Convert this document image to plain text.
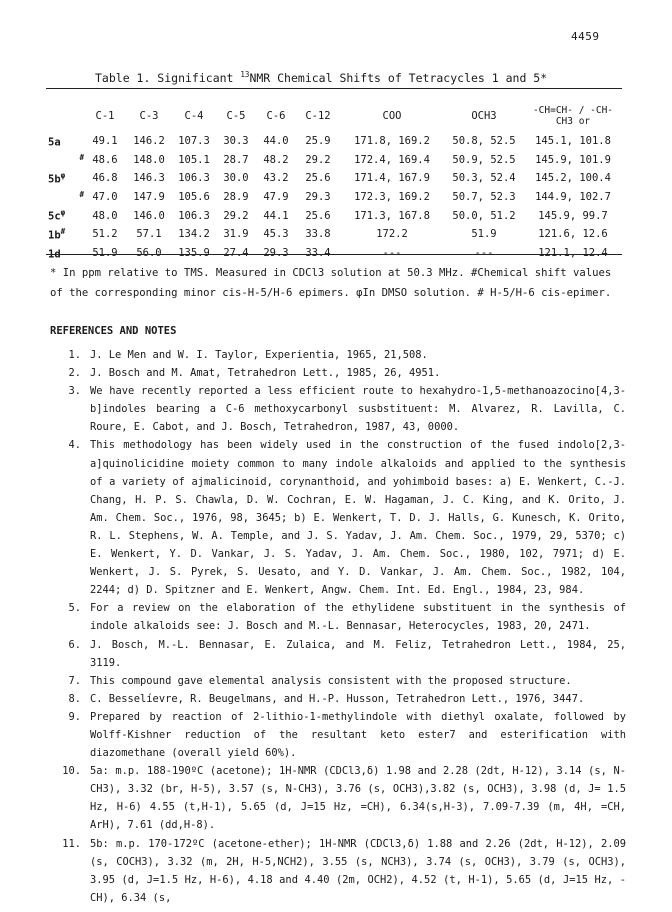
4459
Table 1. Significant $^{13}$NMR Chemical Shifts of Tetracycles 1 and 5*
	C-1	C-3	C-4	C-5	C-6	C-12	COO	OCH3	-CH=CH- / -CH-CH3 or
5a	49.1	146.2	107.3	30.3	44.0	25.9	171.8, 169.2	50.8, 52.5	145.1, 101.8
#	48.6	148.0	105.1	28.7	48.2	29.2	172.4, 169.4	50.9, 52.5	145.9, 101.9
$5b^\varphi$	46.8	146.3	106.3	30.0	43.2	25.6	171.4, 167.9	50.3, 52.4	145.2, 100.4
#	47.0	147.9	105.6	28.9	47.9	29.3	172.3, 169.2	50.7, 52.3	144.9, 102.7
$5c^\varphi$	48.0	146.0	106.3	29.2	44.1	25.6	171.3, 167.8	50.0, 51.2	145.9, 99.7
1b#	51.2	57.1	134.2	31.9	45.3	33.8	172.2	51.9	121.6, 12.6
1d	51.9	56.0	135.9	27.4	29.3	33.4	---	---	121.1, 12.4
* In ppm relative to TMS. Measured in CDCl3 solution at 50.3 MHz. #Chemical shift values of the corresponding minor cis-H-5/H-6 epimers. φIn DMSO solution. # H-5/H-6 cis-epimer.
REFERENCES AND NOTES
1. J. Le Men and W. I. Taylor, Experientia, 1965, 21,508.
2. J. Bosch and M. Amat, Tetrahedron Lett., 1985, 26, 4951.
3. We have recently reported a less efficient route to hexahydro-1,5-methanoazocino[4,3-b]indoles bearing a C-6 methoxycarbonyl susbstituent: M. Alvarez, R. Lavilla, C. Roure, E. Cabot, and J. Bosch, Tetrahedron, 1987, 43, 0000.
4. This methodology has been widely used in the construction of the fused indolo[2,3-a]quinolicidine moiety common to many indole alkaloids and applied to the synthesis of a variety of ajmalicinoid, corynanthoid, and yohimboid bases: a) E. Wenkert, C.-J. Chang, H. P. S. Chawla, D. W. Cochran, E. W. Hagaman, J. C. King, and K. Orito, J. Am. Chem. Soc., 1976, 98, 3645; b) E. Wenkert, T. D. J. Halls, G. Kunesch, K. Orito, R. L. Stephens, W. A. Temple, and J. S. Yadav, J. Am. Chem. Soc., 1979, 29, 5370; c) E. Wenkert, Y. D. Vankar, J. S. Yadav, J. Am. Chem. Soc., 1980, 102, 7971; d) E. Wenkert, J. S. Pyrek, S. Uesato, and Y. D. Vankar, J. Am. Chem. Soc., 1982, 104, 2244; d) D. Spitzner and E. Wenkert, Angw. Chem. Int. Ed. Engl., 1984, 23, 984.
5. For a review on the elaboration of the ethylidene substituent in the synthesis of indole alkaloids see: J. Bosch and M.-L. Bennasar, Heterocycles, 1983, 20, 2471.
6. J. Bosch, M.-L. Bennasar, E. Zulaica, and M. Feliz, Tetrahedron Lett., 1984, 25, 3119.
7. This compound gave elemental analysis consistent with the proposed structure.
8. C. Besselíevre, R. Beugelmans, and H.-P. Husson, Tetrahedron Lett., 1976, 3447.
9. Prepared by reaction of 2-lithio-1-methylindole with diethyl oxalate, followed by Wolff-Kishner reduction of the resultant keto ester7 and esterification with diazomethane (overall yield 60%).
10. 5a: m.p. 188-190ºC (acetone); 1H-NMR (CDCl3,δ) 1.98 and 2.28 (2dt, H-12), 3.14 (s, N-CH3), 3.32 (br, H-5), 3.57 (s, N-CH3), 3.76 (s, OCH3),3.82 (s, OCH3), 3.98 (d, J= 1.5 Hz, H-6) 4.55 (t,H-1), 5.65 (d, J=15 Hz, =CH), 6.34(s,H-3), 7.09-7.39 (m, 4H, =CH, ArH), 7.61 (dd,H-8).
11. 5b: m.p. 170-172ºC (acetone-ether); 1H-NMR (CDCl3,δ) 1.88 and 2.26 (2dt, H-12), 2.09 (s, COCH3), 3.32 (m, 2H, H-5,NCH2), 3.55 (s, NCH3), 3.74 (s, OCH3), 3.79 (s, OCH3), 3.95 (d, J=1.5 Hz, H-6), 4.18 and 4.40 (2m, OCH2), 4.52 (t, H-1), 5.65 (d, J=15 Hz, -CH), 6.34 (s,
